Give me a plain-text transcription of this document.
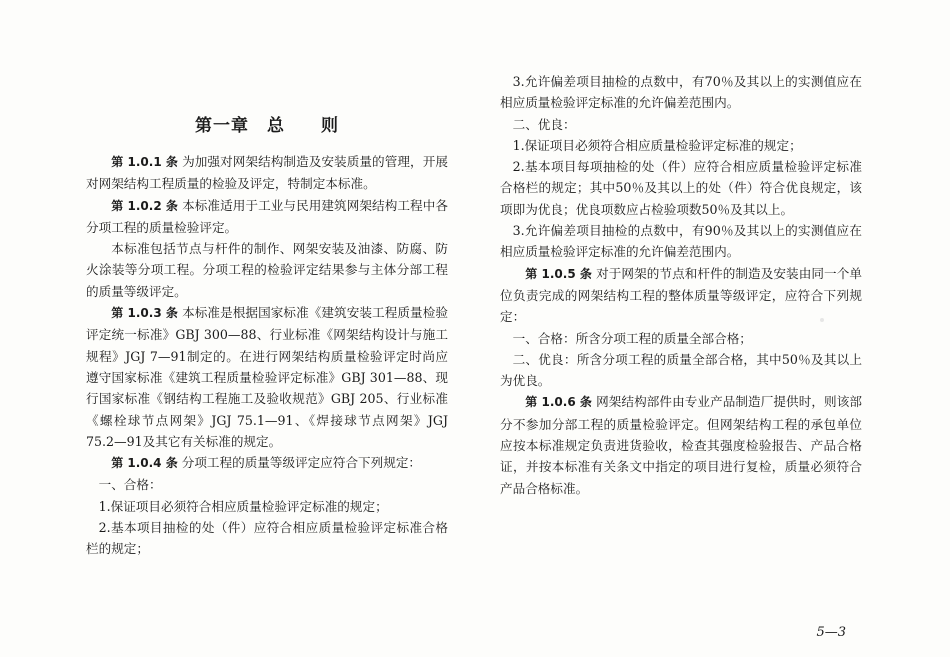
第一章　总　　则

第 1.0.1 条 为加强对网架结构制造及安装质量的管理，开展对网架结构工程质量的检验及评定，特制定本标准。

第 1.0.2 条 本标准适用于工业与民用建筑网架结构工程中各分项工程的质量检验评定。

本标准包括节点与杆件的制作、网架安装及油漆、防腐、防火涂装等分项工程。分项工程的检验评定结果参与主体分部工程的质量等级评定。

第 1.0.3 条 本标准是根据国家标准《建筑安装工程质量检验评定统一标准》GBJ 300—88、行业标准《网架结构设计与施工规程》JGJ 7—91制定的。在进行网架结构质量检验评定时尚应遵守国家标准《建筑工程质量检验评定标准》GBJ 301—88、现行国家标准《钢结构工程施工及验收规范》GBJ 205、行业标准《螺栓球节点网架》JGJ 75.1—91、《焊接球节点网架》JGJ 75.2—91及其它有关标准的规定。

第 1.0.4 条 分项工程的质量等级评定应符合下列规定：

一、合格：

1.保证项目必须符合相应质量检验评定标准的规定；

2.基本项目抽检的处（件）应符合相应质量检验评定标准合格栏的规定；

3.允许偏差项目抽检的点数中，有70％及其以上的实测值应在相应质量检验评定标准的允许偏差范围内。

二、优良：

1.保证项目必须符合相应质量检验评定标准的规定；

2.基本项目每项抽检的处（件）应符合相应质量检验评定标准合格栏的规定；其中50％及其以上的处（件）符合优良规定，该项即为优良；优良项数应占检验项数50％及其以上。

3.允许偏差项目抽检的点数中，有90％及其以上的实测值应在相应质量检验评定标准的允许偏差范围内。

第 1.0.5 条 对于网架的节点和杆件的制造及安装由同一个单位负责完成的网架结构工程的整体质量等级评定，应符合下列规定：

一、合格：所含分项工程的质量全部合格；

二、优良：所含分项工程的质量全部合格，其中50％及其以上为优良。

第 1.0.6 条 网架结构部件由专业产品制造厂提供时，则该部分不参加分部工程的质量检验评定。但网架结构工程的承包单位应按本标准规定负责进货验收，检查其强度检验报告、产品合格证，并按本标准有关条文中指定的项目进行复检，质量必须符合产品合格标准。

5—3
